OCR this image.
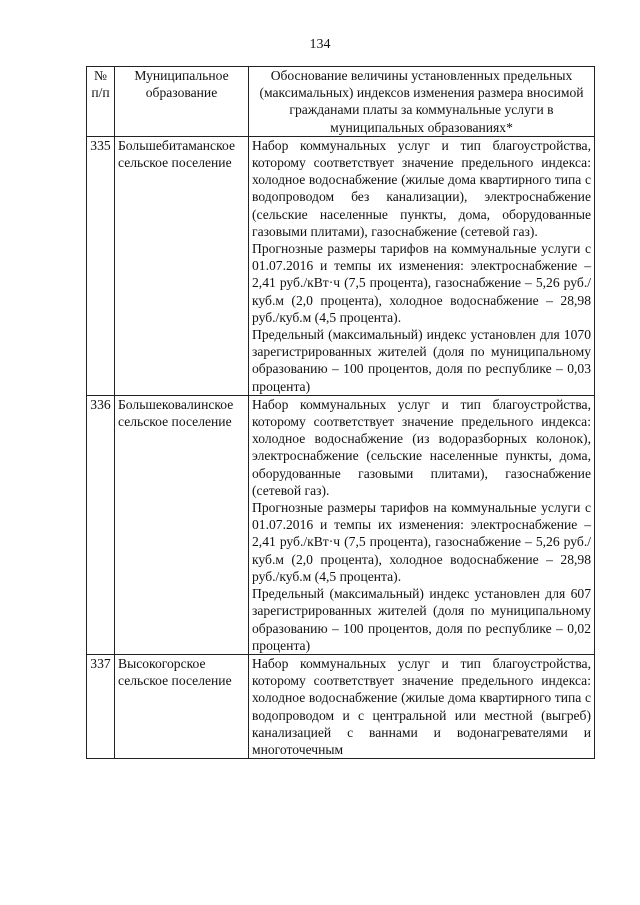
134
№ п/п	Муниципальное образование	Обоснование величины установленных предельных (максимальных) индексов изменения размера вносимой гражданами платы за коммунальные услуги в муниципальных образованиях*
335	Большебитаманское сельское поселение	Набор коммунальных услуг и тип благоустройства, которому соответствует значение предельного индекса: холодное водоснабжение (жилые дома квартирного типа с водопроводом без канализации), электроснабжение (сельские населенные пункты, дома, оборудованные газовыми плитами), газоснабжение (сетевой газ).
Прогнозные размеры тарифов на коммунальные услуги с 01.07.2016 и темпы их изменения: электроснабжение – 2,41 руб./кВт·ч (7,5 процента), газоснабжение – 5,26 руб./куб.м (2,0 процента), холодное водоснабжение – 28,98 руб./куб.м (4,5 процента).
Предельный (максимальный) индекс установлен для 1070 зарегистрированных жителей (доля по муниципальному образованию – 100 процентов, доля по республике – 0,03 процента)

336	Большековалинское сельское поселение	Набор коммунальных услуг и тип благоустройства, которому соответствует значение предельного индекса: холодное водоснабжение (из водоразборных колонок), электроснабжение (сельские населенные пункты, дома, оборудованные газовыми плитами), газоснабжение (сетевой газ).
Прогнозные размеры тарифов на коммунальные услуги с 01.07.2016 и темпы их изменения: электроснабжение – 2,41 руб./кВт·ч (7,5 процента), газоснабжение – 5,26 руб./куб.м (2,0 процента), холодное водоснабжение – 28,98 руб./куб.м (4,5 процента).
Предельный (максимальный) индекс установлен для 607 зарегистрированных жителей (доля по муниципальному образованию – 100 процентов, доля по республике – 0,02 процента)

337	Высокогорское сельское поселение	Набор коммунальных услуг и тип благоустройства, которому соответствует значение предельного индекса: холодное водоснабжение (жилые дома квартирного типа с водопроводом и с центральной или местной (выгреб) канализацией с ваннами и водонагревателями и многоточечным
